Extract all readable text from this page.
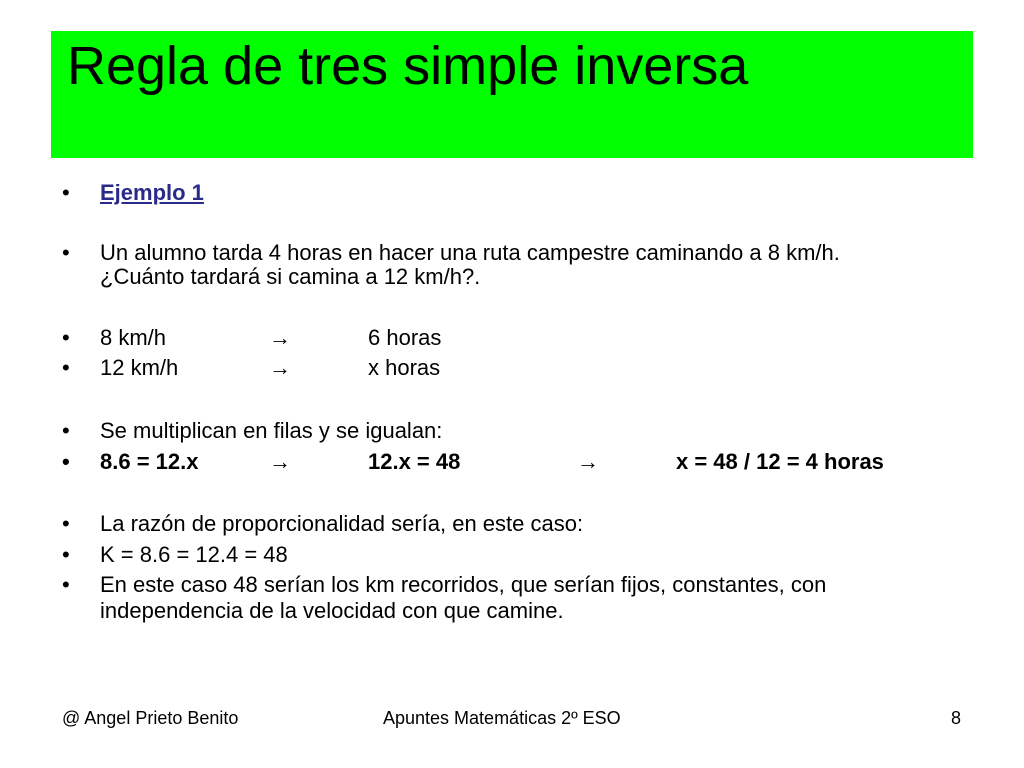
Regla de tres simple inversa
• Ejemplo 1
• Un alumno tarda 4 horas en hacer una ruta campestre caminando a 8 km/h.
¿Cuánto tardará si camina a 12 km/h?.
• 8 km/h	→	6 horas
• 12 km/h	→	x horas
• Se multiplican en filas y se igualan:
• 8.6 = 12.x	→	12.x = 48	→	x = 48 / 12 = 4 horas
• La razón de proporcionalidad sería, en este caso:
• K = 8.6 = 12.4 = 48
• En este caso 48 serían los km recorridos, que serían fijos, constantes, con
independencia de la velocidad con que camine.
@ Angel Prieto Benito	Apuntes Matemáticas 2º ESO	8
